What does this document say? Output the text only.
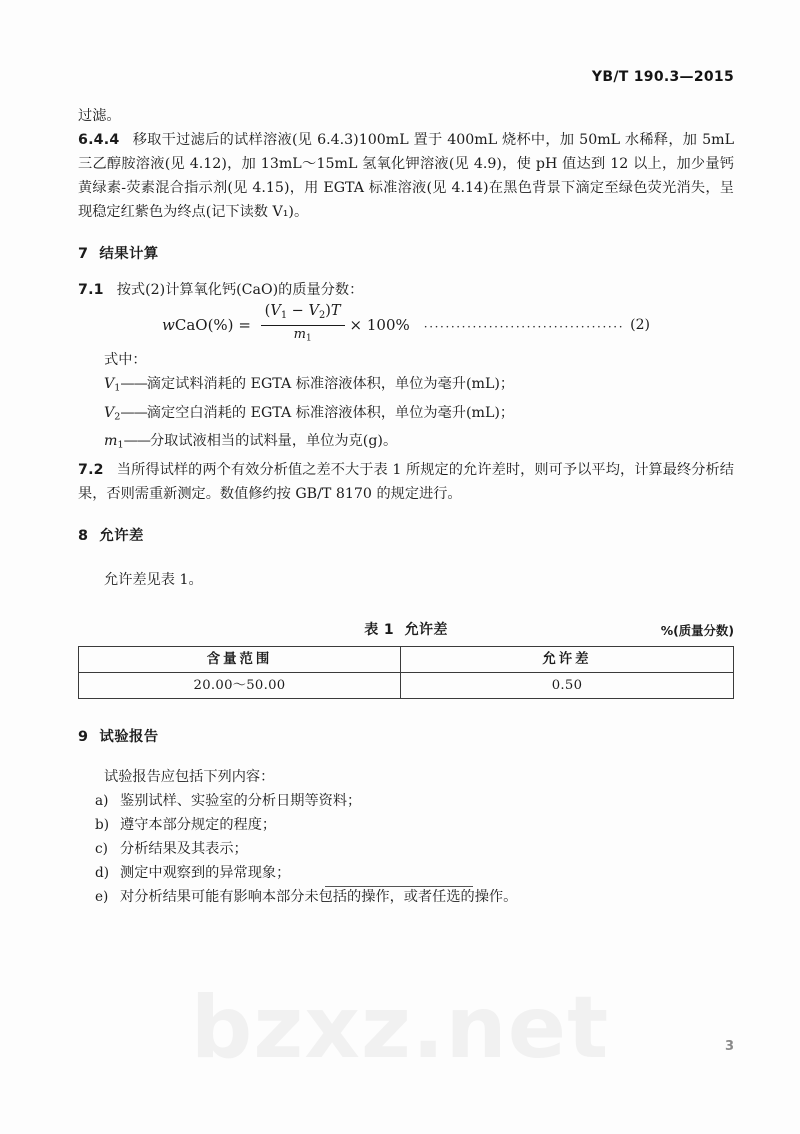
bzxz.net
YB/T 190.3—2015

过滤。

6.4.4 移取干过滤后的试样溶液(见 6.4.3)100mL 置于 400mL 烧杯中，加 50mL 水稀释，加 5mL 三乙醇胺溶液(见 4.12)，加 13mL～15mL 氢氧化钾溶液(见 4.9)，使 pH 值达到 12 以上，加少量钙黄绿素-荧素混合指示剂(见 4.15)，用 EGTA 标准溶液(见 4.14)在黑色背景下滴定至绿色荧光消失，呈现稳定红紫色为终点(记下读数 V₁)。

7 结果计算

7.1 按式(2)计算氧化钙(CaO)的质量分数：

wCaO(%) = $\frac{(V_1 - V_2)T}{m_1} \times 100\%$ ····································· (2)

式中：

$V_1——$滴定试料消耗的 EGTA 标准溶液体积，单位为毫升(mL)；

$V_2——$滴定空白消耗的 EGTA 标准溶液体积，单位为毫升(mL)；

$m_1——$分取试液相当的试料量，单位为克(g)。

7.2 当所得试样的两个有效分析值之差不大于表 1 所规定的允许差时，则可予以平均，计算最终分析结果，否则需重新测定。数值修约按 GB/T 8170 的规定进行。

8 允许差

允许差见表 1。

表 1 允许差	%(质量分数)
含量范围	允许差
20.00～50.00	0.50

9 试验报告

试验报告应包括下列内容：

a) 鉴别试样、实验室的分析日期等资料；
b) 遵守本部分规定的程度；
c) 分析结果及其表示；
d) 测定中观察到的异常现象；
e) 对分析结果可能有影响本部分未包括的操作，或者任选的操作。
3
